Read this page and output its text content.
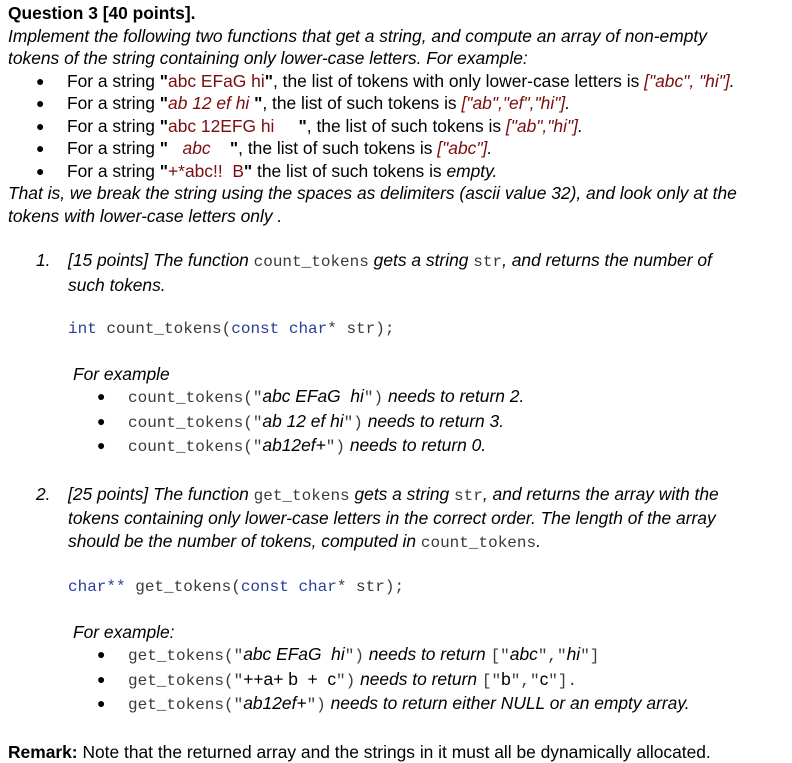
Question 3 [40 points].
Implement the following two functions that get a string, and compute an array of non-empty
tokens of the string containing only lower-case letters. For example:
● For a string "abc EFaG hi", the list of tokens with only lower-case letters is ["abc", "hi"].
● For a string "ab 12 ef hi ", the list of such tokens is ["ab","ef","hi"].
● For a string "abc 12EFG hi     ", the list of such tokens is ["ab","hi"].
● For a string "   abc    ", the list of such tokens is ["abc"].
● For a string "+*abc!!  B" the list of such tokens is empty.
That is, we break the string using the spaces as delimiters (ascii value 32), and look only at the
tokens with lower-case letters only .
1. [15 points] The function count_tokens gets a string str, and returns the number of
such tokens.
int count_tokens(const char* str);
For example
● count_tokens("abc EFaG  hi") needs to return 2.
● count_tokens("ab 12 ef hi") needs to return 3.
● count_tokens("ab12ef+") needs to return 0.
2. [25 points] The function get_tokens gets a string str, and returns the array with the
tokens containing only lower-case letters in the correct order. The length of the array
should be the number of tokens, computed in count_tokens.
char** get_tokens(const char* str);
For example:
● get_tokens("abc EFaG  hi") needs to return ["abc","hi"]
● get_tokens("++a+ b  +  c") needs to return ["b","c"].
● get_tokens("ab12ef+") needs to return either NULL or an empty array.
Remark: Note that the returned array and the strings in it must all be dynamically allocated.
